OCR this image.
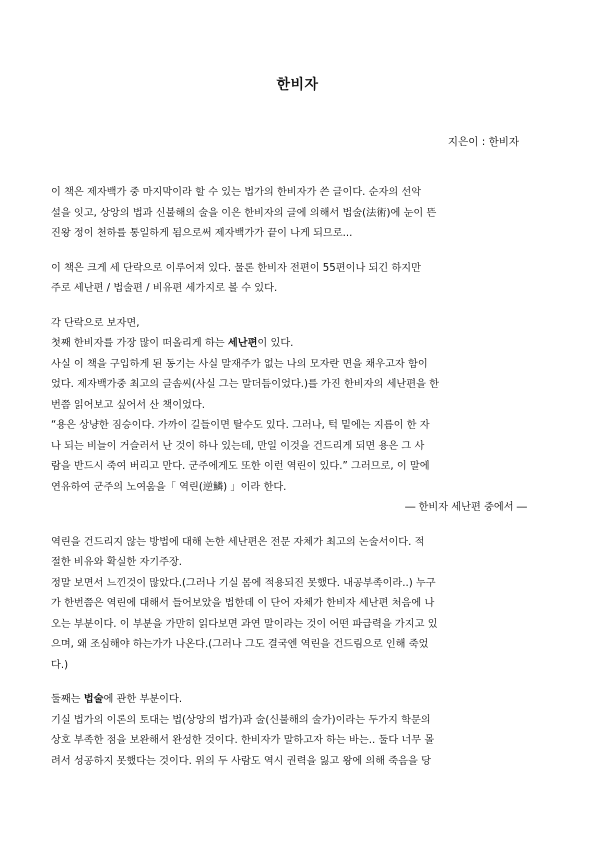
한비자
지은이 : 한비자
이 책은 제자백가 중 마지막이라 할 수 있는 법가의 한비자가 쓴 글이다. 순자의 선악
설을 잇고, 상앙의 법과 신불해의 술을 이은 한비자의 글에 의해서 법술(法術)에 눈이 뜬
진왕 정이 천하를 통일하게 됨으로써 제자백가가 끝이 나게 되므로...
이 책은 크게 세 단락으로 이루어져 있다. 물론 한비자 전편이 55편이나 되긴 하지만
주로 세난편 / 법술편 / 비유편 세가지로 볼 수 있다.
각 단락으로 보자면,
첫째 한비자를 가장 많이 떠올리게 하는 세난편이 있다.
사실 이 책을 구입하게 된 동기는 사실 말재주가 없는 나의 모자란 면을 채우고자 함이
었다. 제자백가중 최고의 글솜씨(사실 그는 말더듬이었다.)를 가진 한비자의 세난편을 한
번쯤 읽어보고 싶어서 산 책이었다.
“용은 상냥한 짐승이다. 가까이 길들이면 탈수도 있다. 그러나, 턱 밑에는 지름이 한 자
나 되는 비늘이 거슬러서 난 것이 하나 있는데, 만일 이것을 건드리게 되면 용은 그 사
람을 반드시 죽여 버리고 만다. 군주에게도 또한 이런 역린이 있다.” 그러므로, 이 말에
연유하여 군주의 노여움을「 역린(逆鱗) 」이라 한다.
― 한비자 세난편 중에서 ―
역린을 건드리지 않는 방법에 대해 논한 세난편은 전문 자체가 최고의 논술서이다. 적
절한 비유와 확실한 자기주장.
정말 보면서 느낀것이 많았다.(그러나 기실 몸에 적용되진 못했다. 내공부족이라..) 누구
가 한번쯤은 역린에 대해서 들어보았을 법한데 이 단어 자체가 한비자 세난편 처음에 나
오는 부분이다. 이 부분을 가만히 읽다보면 과연 말이라는 것이 어떤 파급력을 가지고 있
으며, 왜 조심해야 하는가가 나온다.(그러나 그도 결국엔 역린을 건드림으로 인해 죽었
다.)
둘째는 법술에 관한 부분이다.
기실 법가의 이론의 토대는 법(상앙의 법가)과 술(신불해의 술가)이라는 두가지 학문의
상호 부족한 점을 보완해서 완성한 것이다. 한비자가 말하고자 하는 바는.. 둘다 너무 몰
려서 성공하지 못했다는 것이다. 위의 두 사람도 역시 권력을 잃고 왕에 의해 죽음을 당
